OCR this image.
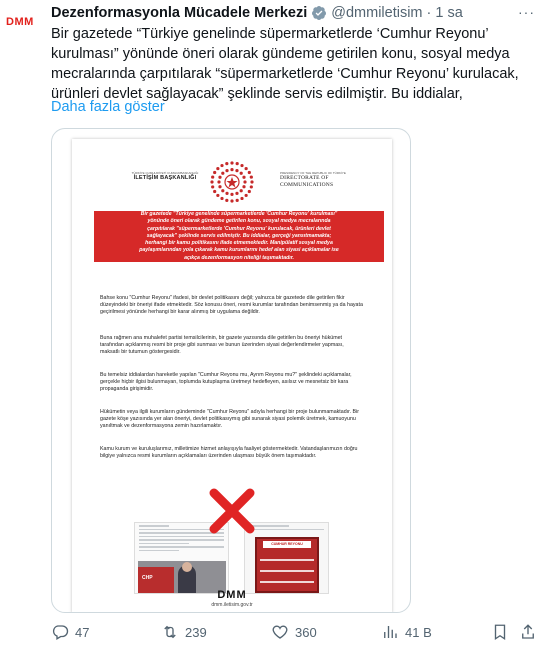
DMM
Dezenformasyonla Mücadele Merkezi @dmmiletisim · 1 sa	···
Bir gazetede “Türkiye genelinde süpermarketlerde ‘Cumhur Reyonu’ kurulması” yönünde öneri olarak gündeme getirilen konu, sosyal medya mecralarında çarpıtılarak “süpermarketlerde ‘Cumhur Reyonu’ kurulacak, ürünleri devlet sağlayacak” şeklinde servis edilmiştir. Bu iddialar,
Daha fazla göster
TÜRKİYE CUMHURİYETİ CUMHURBAŞKANLIĞI
İLETİŞİM BAŞKANLIĞI
PRESIDENCY OF THE REPUBLIC OF TÜRKİYE
DIRECTORATE OF
COMMUNICATIONS
Bir gazetede "Türkiye genelinde süpermarketlerde 'Cumhur Reyonu' kurulması"
yönünde öneri olarak gündeme getirilen konu, sosyal medya mecralarında
çarpıtılarak "süpermarketlerde 'Cumhur Reyonu' kurulacak, ürünleri devlet
sağlayacak" şeklinde servis edilmiştir. Bu iddialar, gerçeği yansıtmamakta;
herhangi bir kamu politikasını ifade etmemektedir. Manipülatif sosyal medya
paylaşımlarından yola çıkarak kamu kurumlarını hedef alan siyasi açıklamalar ise
açıkça dezenformasyon niteliği taşımaktadır.
Bahse konu "Cumhur Reyonu" ifadesi, bir devlet politikasını değil; yalnızca bir gazetede dile getirilen fikir düzeyindeki bir öneriyi ifade etmektedir. Söz konusu öneri, resmi kurumlar tarafından benimsenmiş ya da hayata geçirilmesi yönünde herhangi bir karar alınmış bir uygulama değildir.
Buna rağmen ana muhalefet partisi temsilcilerinin, bir gazete yazısında dile getirilen bu öneriyi hükümet tarafından açıklanmış resmi bir proje gibi sunması ve bunun üzerinden siyasi değerlendirmeler yapması, maksatlı bir tutumun göstergesidir.
Bu temelsiz iddialardan hareketle yapılan "Cumhur Reyonu mu, Ayrım Reyonu mu?" şeklindeki açıklamalar, gerçekle hiçbir ilgisi bulunmayan, toplumda kutuplaşma üretmeyi hedefleyen, asılsız ve mesnetsiz bir kara propaganda girişimidir.
Hükümetin veya ilgili kurumların gündeminde "Cumhur Reyonu" adıyla herhangi bir proje bulunmamaktadır. Bir gazete köşe yazısında yer alan öneriyi, devlet politikasıymış gibi sunarak siyasi polemik üretmek, kamuoyunu yanıltmak ve dezenformasyona zemin hazırlamaktır.
Kamu kurum ve kuruluşlarımız, milletimize hizmet anlayışıyla faaliyet göstermektedir. Vatandaşlarımızın doğru bilgiye yalnızca resmi kurumların açıklamaları üzerinden ulaşması büyük önem taşımaktadır.
CHP
CUMHUR REYONU
DMM
dmm.iletisim.gov.tr
47	239	360	41 B
